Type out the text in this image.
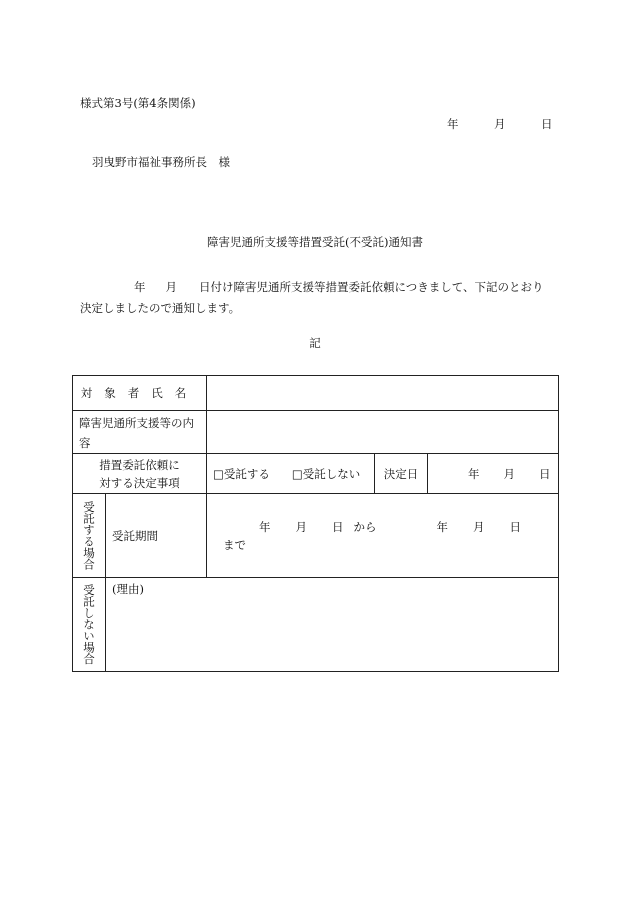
様式第3号(第4条関係)
年	月	日
羽曳野市福祉事務所長　様
障害児通所支援等措置受託(不受託)通知書
年 月 日付け障害児通所支援等措置委託依頼につきまして、下記のとおり決定しましたので通知します。
記
対象者氏名				
障害児通所支援等の内容				

措置委託依頼に
対する決定事項		□受託する □受託しない	決定日	年 月 日
受託する場合	受託期間	年 月 日 から 年 月 日まで		
受託しない場合	(理由)			
